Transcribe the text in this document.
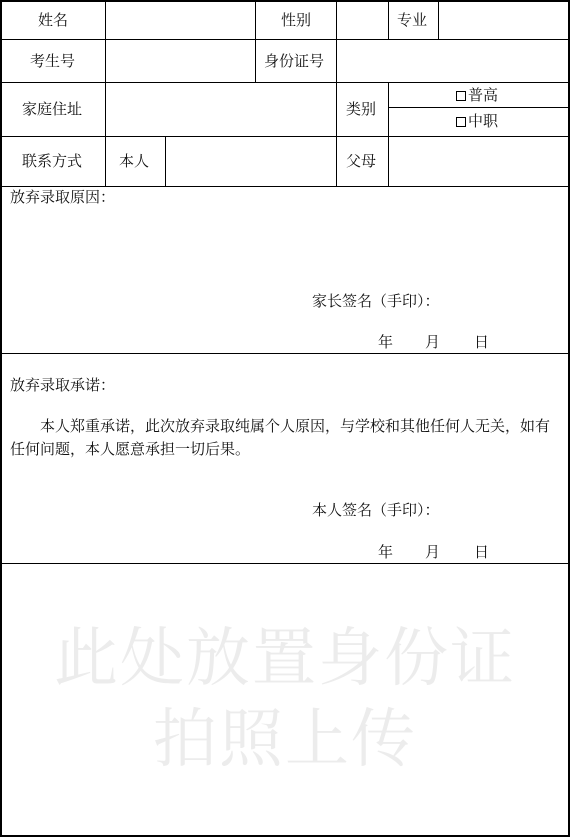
姓名	性别	专业
考生号	身份证号
家庭住址	类别
普高
中职
联系方式 本人	父母
放弃录取原因：
家长签名（手印）：
年 月 日
放弃录取承诺：
本人郑重承诺，此次放弃录取纯属个人原因，与学校和其他任何人无关，如有任何问题，本人愿意承担一切后果。
本人签名（手印）：
年 月 日
此处放置身份证
拍照上传
